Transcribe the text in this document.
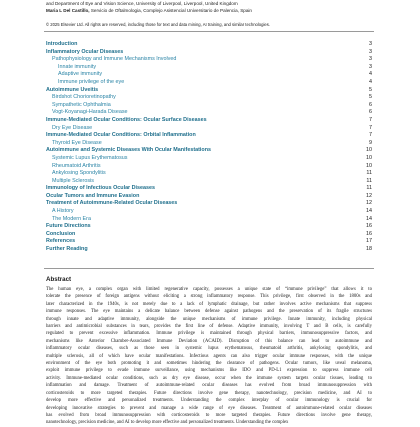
and Department of Eye and Vision Science, University of Liverpool, Liverpool, United Kingdom
Maria L Del Castillo, Servicio de Oftalmologia, Complejo Asistencial Universitario de Palencia, Spain
© 2025 Elsevier Ltd. All rights are reserved, including those for text and data mining, AI training, and similar technologies.
Introduction	3
Inflammatory Ocular Diseases	3
Pathophysiology and Immune Mechanisms Involved	3
Innate immunity	3
Adaptive immunity	4
Immune privilege of the eye	4
Autoimmune Uveitis	5
Birdshot Chorioretinopathy	5
Sympathetic Ophthalmia	6
Vogt-Koyanagi-Harada Disease	6
Immune-Mediated Ocular Conditions: Ocular Surface Diseases	7
Dry Eye Disease	7
Immune-Mediated Ocular Conditions: Orbital Inflammation	7
Thyroid Eye Disease	9
Autoimmune and Systemic Diseases With Ocular Manifestations	10
Systemic Lupus Erythematosus	10
Rheumatoid Arthritis	10
Ankylosing Spondylitis	11
Multiple Sclerosis	11
Immunology of Infectious Ocular Diseases	11
Ocular Tumors and Immune Evasion	12
Treatment of Autoimmune-Related Ocular Diseases	12
A History	14
The Modern Era	14
Future Directions	16
Conclusion	16
References	17
Further Reading	18
Abstract
The human eye, a complex organ with limited regenerative capacity, possesses a unique state of “immune privilege” that allows it to
tolerate the presence of foreign antigens without eliciting a strong inflammatory response. This privilege, first observed in the 1800s and
later characterized in the 1940s, is not merely due to a lack of lymphatic drainage, but rather involves active mechanisms that suppress
immune responses. The eye maintains a delicate balance between defense against pathogens and the preservation of its fragile structures
through innate and adaptive immunity, alongside the unique mechanisms of immune privilege. Innate immunity, including physical
barriers and antimicrobial substances in tears, provides the first line of defense. Adaptive immunity, involving T and B cells, is carefully
regulated to prevent excessive inflammation. Immune privilege is maintained through physical barriers, immunosuppressive factors, and
mechanisms like Anterior Chamber-Associated Immune Deviation (ACAID). Disruption of this balance can lead to autoimmune and
inflammatory ocular diseases, such as those seen in systemic lupus erythematosus, rheumatoid arthritis, ankylosing spondylitis, and
multiple sclerosis, all of which have ocular manifestations. Infectious agents can also trigger ocular immune responses, with the unique
environment of the eye both promoting it and sometimes hindering the clearance of pathogens. Ocular tumors, like uveal melanoma,
exploit immune privilege to evade immune surveillance, using mechanisms like IDO and PD-L1 expression to suppress immune cell
activity. Immune-mediated ocular conditions, such as dry eye disease, occur when the immune system targets ocular tissues, leading to
inflammation and damage. Treatment of autoimmune-related ocular diseases has evolved from broad immunosuppression with
corticosteroids to more targeted therapies. Future directions involve gene therapy, nanotechnology, precision medicine, and AI to
develop more effective and personalized treatments. Understanding the complex interplay of ocular immunology is crucial for
developing innovative strategies to prevent and manage a wide range of eye diseases. Treatment of autoimmune-related ocular diseases
has evolved from broad immunosuppression with corticosteroids to more targeted therapies. Future directions involve gene therapy,
nanotechnology, precision medicine, and AI to develop more effective and personalized treatments. Understanding the complex
